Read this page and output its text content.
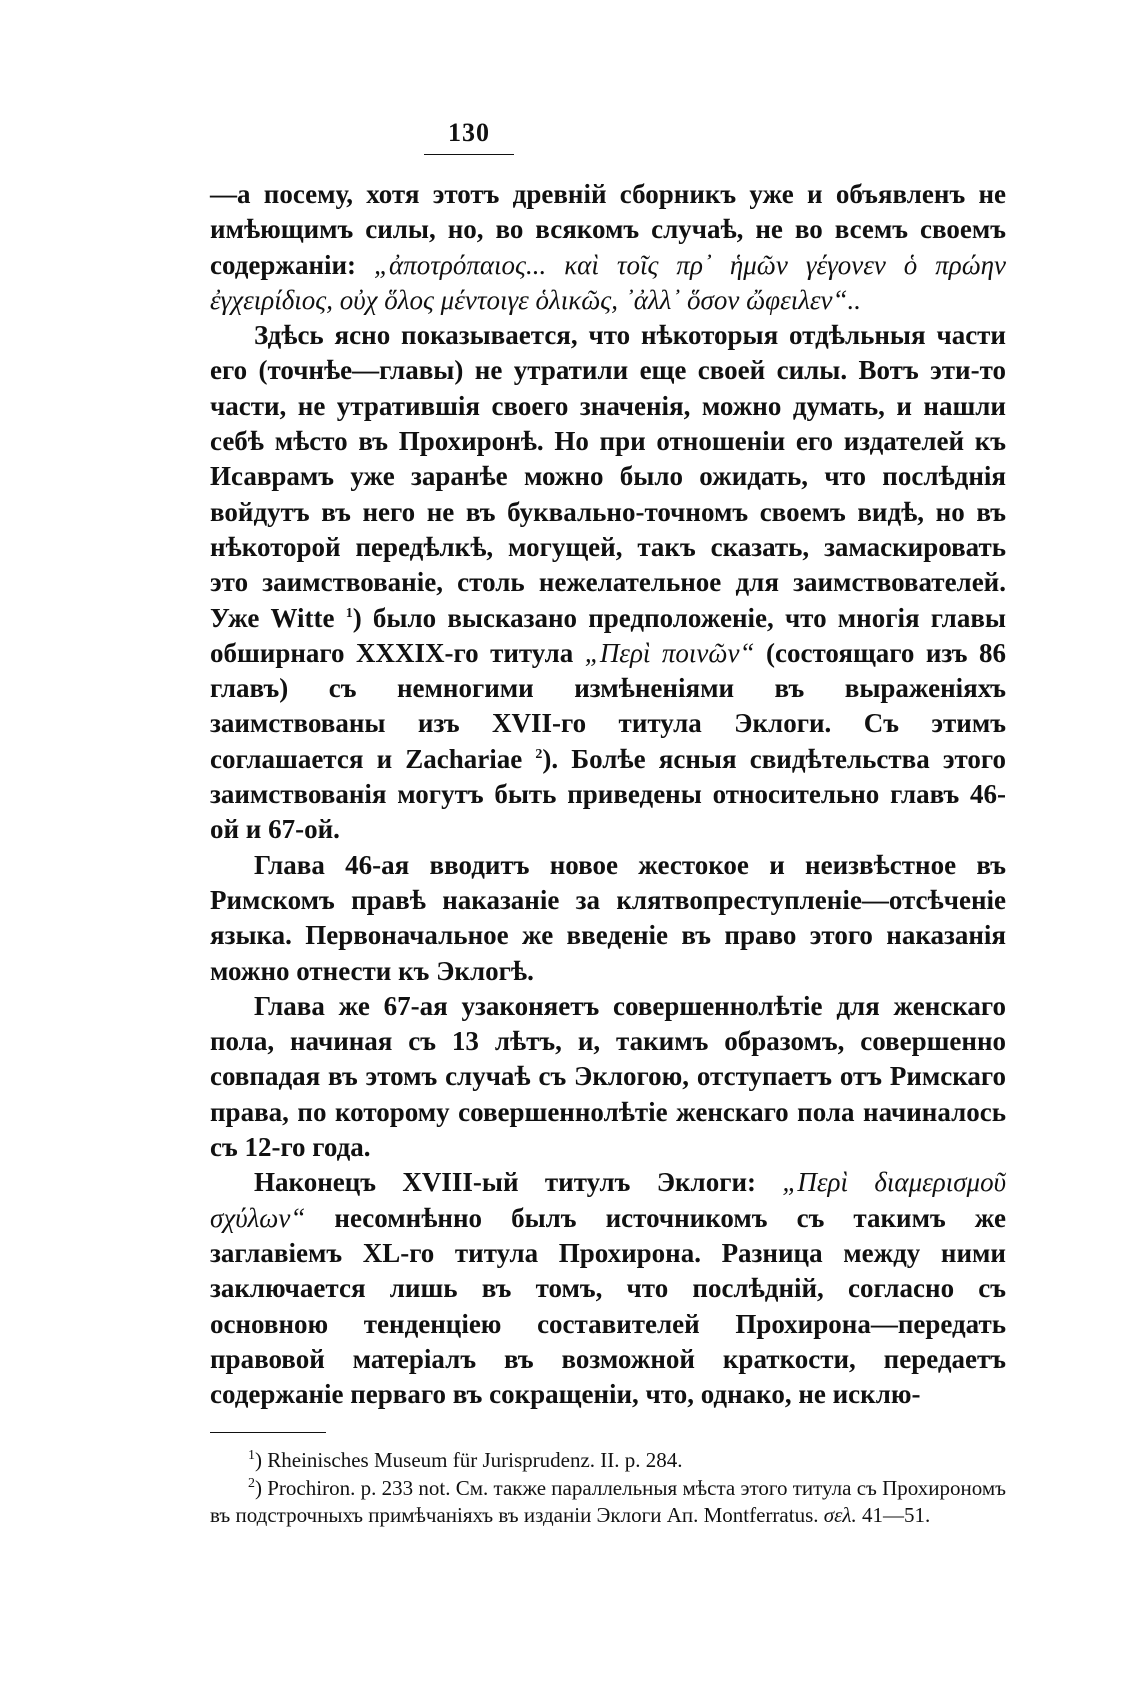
130

—а посему, хотя этотъ древній сборникъ уже и объявленъ не имѣющимъ силы, но, во всякомъ случаѣ, не во всемъ своемъ содержаніи: „ἀποτρόπαιος... καὶ τοῖς πρ᾽ ἡμῶν γέγονεν ὁ πρώην ἐγχειρίδιος, οὐχ ὅλος μέντοιγε ὁλικῶς, ᾽ἀλλ᾽ ὅσον ὤφειλεν“..

Здѣсь ясно показывается, что нѣкоторыя отдѣльныя части его (точнѣе—главы) не утратили еще своей силы. Вотъ эти-то части, не утратившія своего значенія, можно думать, и нашли себѣ мѣсто въ Прохиронѣ. Но при отношеніи его издателей къ Исаврамъ уже заранѣе можно было ожидать, что послѣднія войдутъ въ него не въ буквально-точномъ своемъ видѣ, но въ нѣкоторой передѣлкѣ, могущей, такъ сказать, замаскировать это заимствованіе, столь нежелательное для заимствователей. Уже Witte $^1$) было высказано предположеніе, что многія главы обширнаго XXXIX-го титула „Περὶ ποινῶν“ (состоящаго изъ 86 главъ) съ немногими измѣненіями въ выраженіяхъ заимствованы изъ XVII-го титула Эклоги. Съ этимъ соглашается и Zachariae $^2$). Болѣе ясныя свидѣтельства этого заимствованія могутъ быть приведены относительно главъ 46-ой и 67-ой.

Глава 46-ая вводитъ новое жестокое и неизвѣстное въ Римскомъ правѣ наказаніе за клятвопреступленіе—отсѣченіе языка. Первоначальное же введеніе въ право этого наказанія можно отнести къ Эклогѣ.

Глава же 67-ая узаконяетъ совершеннолѣтіе для женскаго пола, начиная съ 13 лѣтъ, и, такимъ образомъ, совершенно совпадая въ этомъ случаѣ съ Эклогою, отступаетъ отъ Римскаго права, по которому совершеннолѣтіе женскаго пола начиналось съ 12-го года.

Наконецъ XVIII-ый титулъ Эклоги: „Περὶ διαμερισμοῦ σχύλων“ несомнѣнно былъ источникомъ съ такимъ же заглавіемъ XL-го титула Прохирона. Разница между ними заключается лишь въ томъ, что послѣдній, согласно съ основною тенденціею составителей Прохирона—передать правовой матеріалъ въ возможной краткости, передаетъ содержаніе перваго въ сокращеніи, что, однако, не исклю-

$^1$) Rheinisches Museum für Jurisprudenz. II. p. 284.

$^2$) Prochiron. p. 233 not. См. также параллельныя мѣста этого титула съ Прохирономъ въ подстрочныхъ примѣчаніяхъ въ изданіи Эклоги Ап. Montferratus. σελ. 41—51.
